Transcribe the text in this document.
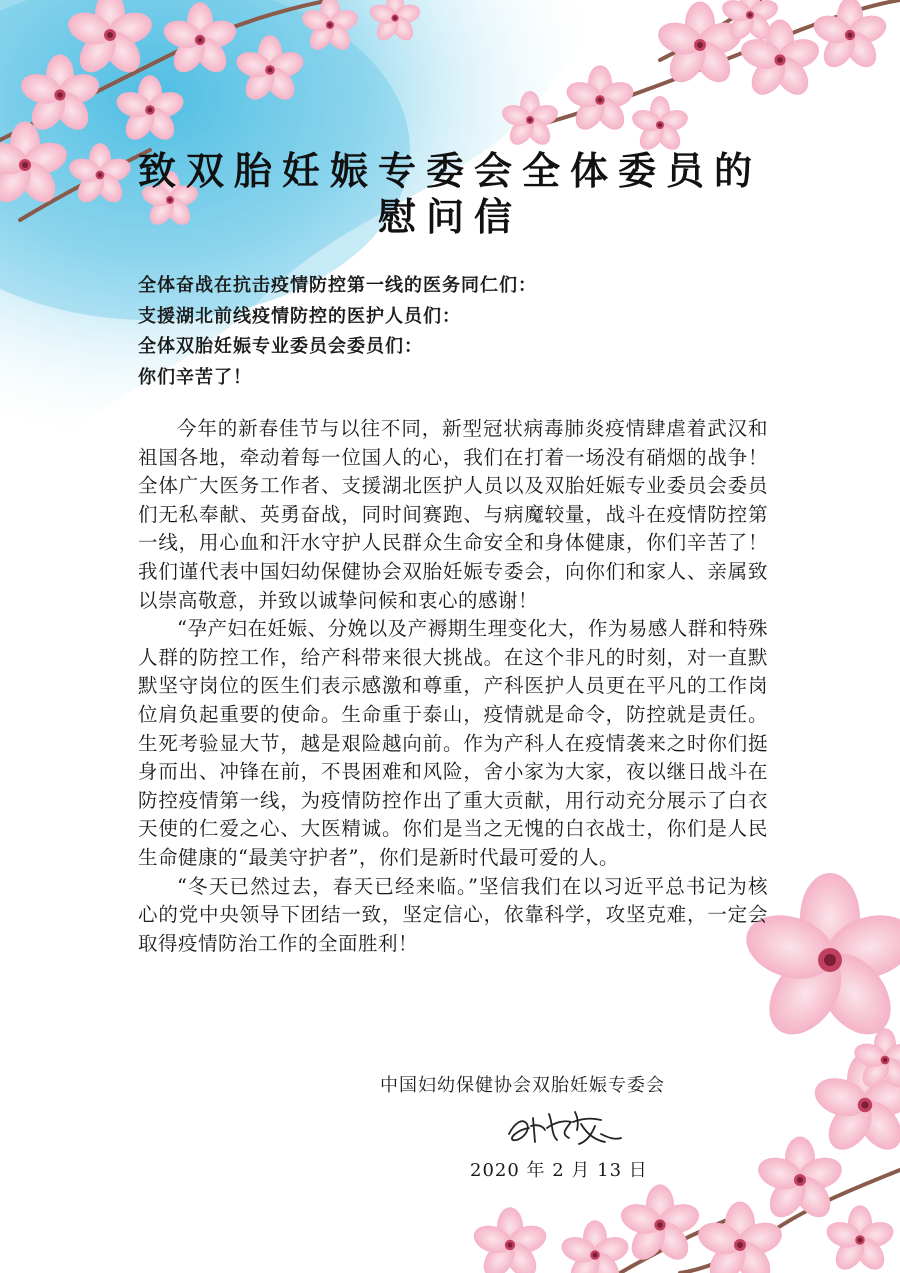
致双胎妊娠专委会全体委员的
慰问信
全体奋战在抗击疫情防控第一线的医务同仁们：
支援湖北前线疫情防控的医护人员们：
全体双胎妊娠专业委员会委员们：
你们辛苦了！

今年的新春佳节与以往不同，新型冠状病毒肺炎疫情肆虐着武汉和祖国各地，牵动着每一位国人的心，我们在打着一场没有硝烟的战争！全体广大医务工作者、支援湖北医护人员以及双胎妊娠专业委员会委员们无私奉献、英勇奋战，同时间赛跑、与病魔较量，战斗在疫情防控第一线，用心血和汗水守护人民群众生命安全和身体健康，你们辛苦了！我们谨代表中国妇幼保健协会双胎妊娠专委会，向你们和家人、亲属致以崇高敬意，并致以诚挚问候和衷心的感谢！

“孕产妇在妊娠、分娩以及产褥期生理变化大，作为易感人群和特殊人群的防控工作，给产科带来很大挑战。在这个非凡的时刻，对一直默默坚守岗位的医生们表示感激和尊重，产科医护人员更在平凡的工作岗位肩负起重要的使命。生命重于泰山，疫情就是命令，防控就是责任。生死考验显大节，越是艰险越向前。作为产科人在疫情袭来之时你们挺身而出、冲锋在前，不畏困难和风险，舍小家为大家，夜以继日战斗在防控疫情第一线，为疫情防控作出了重大贡献，用行动充分展示了白衣天使的仁爱之心、大医精诚。你们是当之无愧的白衣战士，你们是人民生命健康的“最美守护者”，你们是新时代最可爱的人。

“冬天已然过去，春天已经来临。”坚信我们在以习近平总书记为核心的党中央领导下团结一致，坚定信心，依靠科学，攻坚克难，一定会取得疫情防治工作的全面胜利！

中国妇幼保健协会双胎妊娠专委会
2020 年 2 月 13 日
